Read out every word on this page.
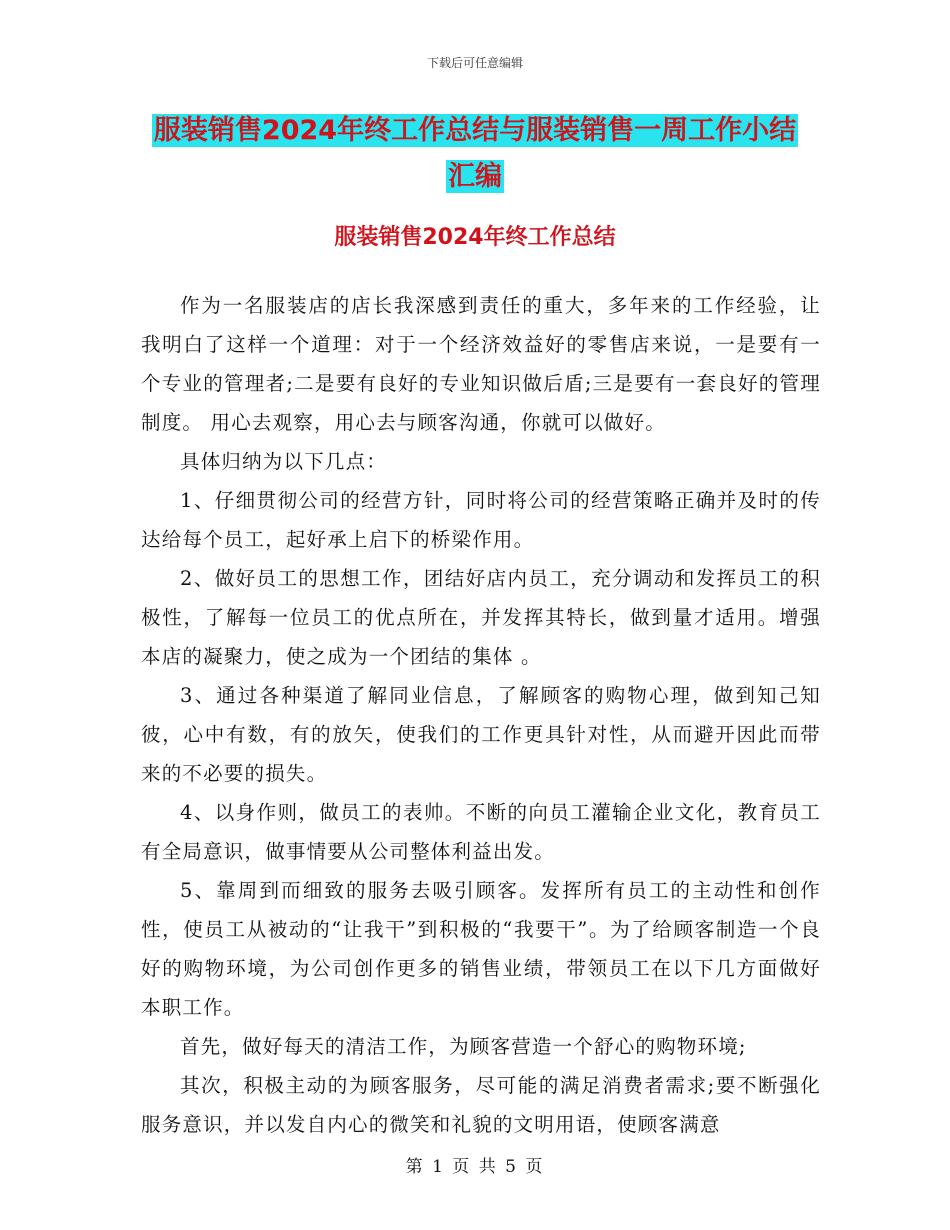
下载后可任意编辑
服装销售2024年终工作总结与服装销售一周工作小结
汇编
服装销售2024年终工作总结

作为一名服装店的店长我深感到责任的重大，多年来的工作经验，让我明白了这样一个道理：对于一个经济效益好的零售店来说，一是要有一个专业的管理者;二是要有良好的专业知识做后盾;三是要有一套良好的管理制度。 用心去观察，用心去与顾客沟通，你就可以做好。

具体归纳为以下几点：

1、仔细贯彻公司的经营方针，同时将公司的经营策略正确并及时的传达给每个员工，起好承上启下的桥梁作用。

2、做好员工的思想工作，团结好店内员工，充分调动和发挥员工的积极性，了解每一位员工的优点所在，并发挥其特长，做到量才适用。增强本店的凝聚力，使之成为一个团结的集体 。

3、通过各种渠道了解同业信息，了解顾客的购物心理，做到知己知彼，心中有数，有的放矢，使我们的工作更具针对性，从而避开因此而带来的不必要的损失。

4、以身作则，做员工的表帅。不断的向员工灌输企业文化，教育员工有全局意识，做事情要从公司整体利益出发。

5、靠周到而细致的服务去吸引顾客。发挥所有员工的主动性和创作性，使员工从被动的“让我干”到积极的“我要干”。为了给顾客制造一个良好的购物环境，为公司创作更多的销售业绩，带领员工在以下几方面做好本职工作。

首先，做好每天的清洁工作，为顾客营造一个舒心的购物环境;

其次，积极主动的为顾客服务，尽可能的满足消费者需求;要不断强化服务意识，并以发自内心的微笑和礼貌的文明用语，使顾客满意

第 1 页 共 5 页
